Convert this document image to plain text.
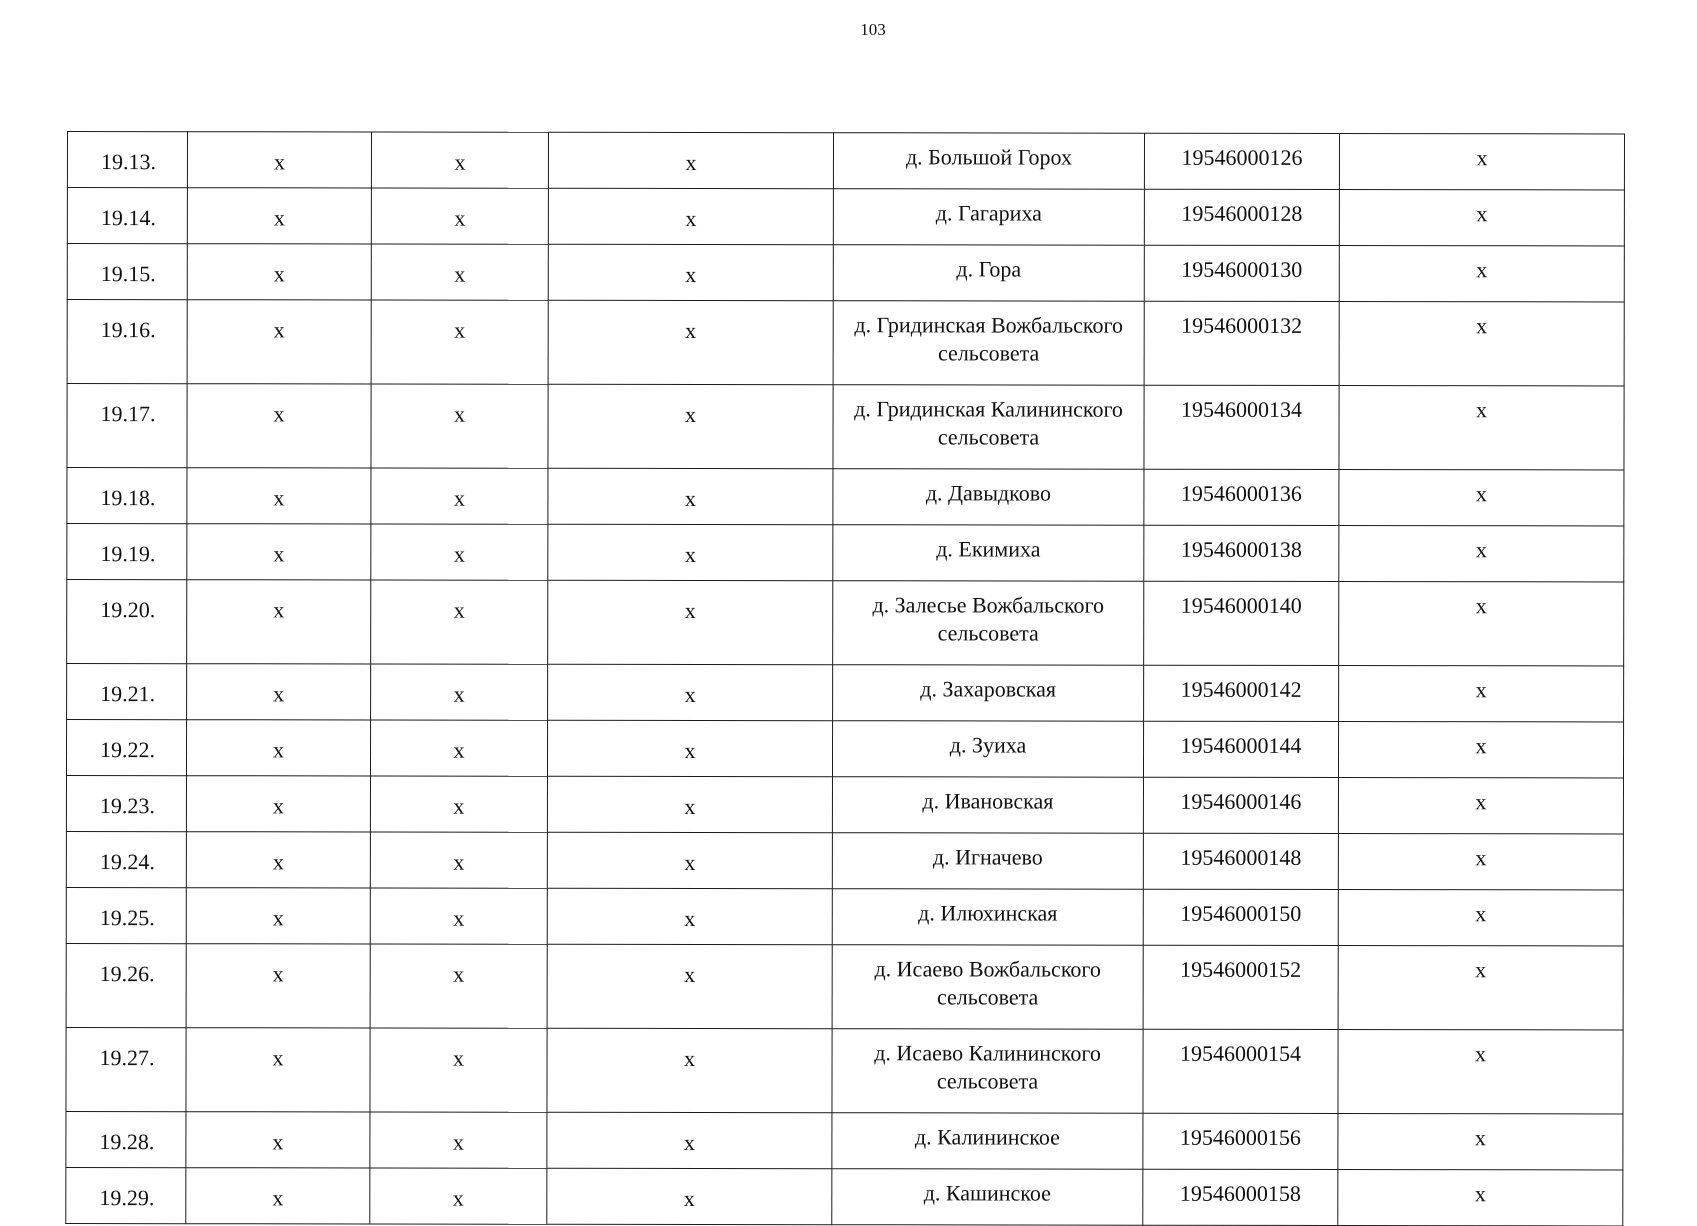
103
19.13.	х	х	х	д. Большой Горох	19546000126	х
19.14.	х	х	х	д. Гагариха	19546000128	х
19.15.	х	х	х	д. Гора	19546000130	х
19.16.	х	х	х	д. Гридинская Вожбальского сельсовета	19546000132	х
19.17.	х	х	х	д. Гридинская Калининского сельсовета	19546000134	х
19.18.	х	х	х	д. Давыдково	19546000136	х
19.19.	х	х	х	д. Екимиха	19546000138	х
19.20.	х	х	х	д. Залесье Вожбальского сельсовета	19546000140	х
19.21.	х	х	х	д. Захаровская	19546000142	х
19.22.	х	х	х	д. Зуиха	19546000144	х
19.23.	х	х	х	д. Ивановская	19546000146	х
19.24.	х	х	х	д. Игначево	19546000148	х
19.25.	х	х	х	д. Илюхинская	19546000150	х
19.26.	х	х	х	д. Исаево Вожбальского сельсовета	19546000152	х
19.27.	х	х	х	д. Исаево Калининского сельсовета	19546000154	х
19.28.	х	х	х	д. Калининское	19546000156	х
19.29.	х	х	х	д. Кашинское	19546000158	х
